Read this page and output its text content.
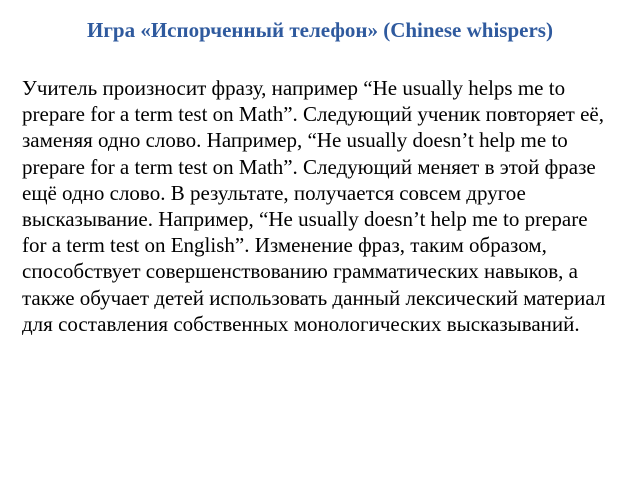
Игра «Испорченный телефон» (Chinese whispers)

Учитель произносит фразу, например “He usually helps me to prepare for a term test on Math”. Следующий ученик повторяет её, заменяя одно слово. Например, “He usually doesn’t help me to prepare for a term test on Math”. Следующий меняет в этой фразе ещё одно слово. В результате, получается совсем другое высказывание. Например, “He usually doesn’t help me to prepare for a term test on English”. Изменение фраз, таким образом, способствует совершенствованию грамматических навыков, а также обучает детей использовать данный лексический материал для составления собственных монологических высказываний.
